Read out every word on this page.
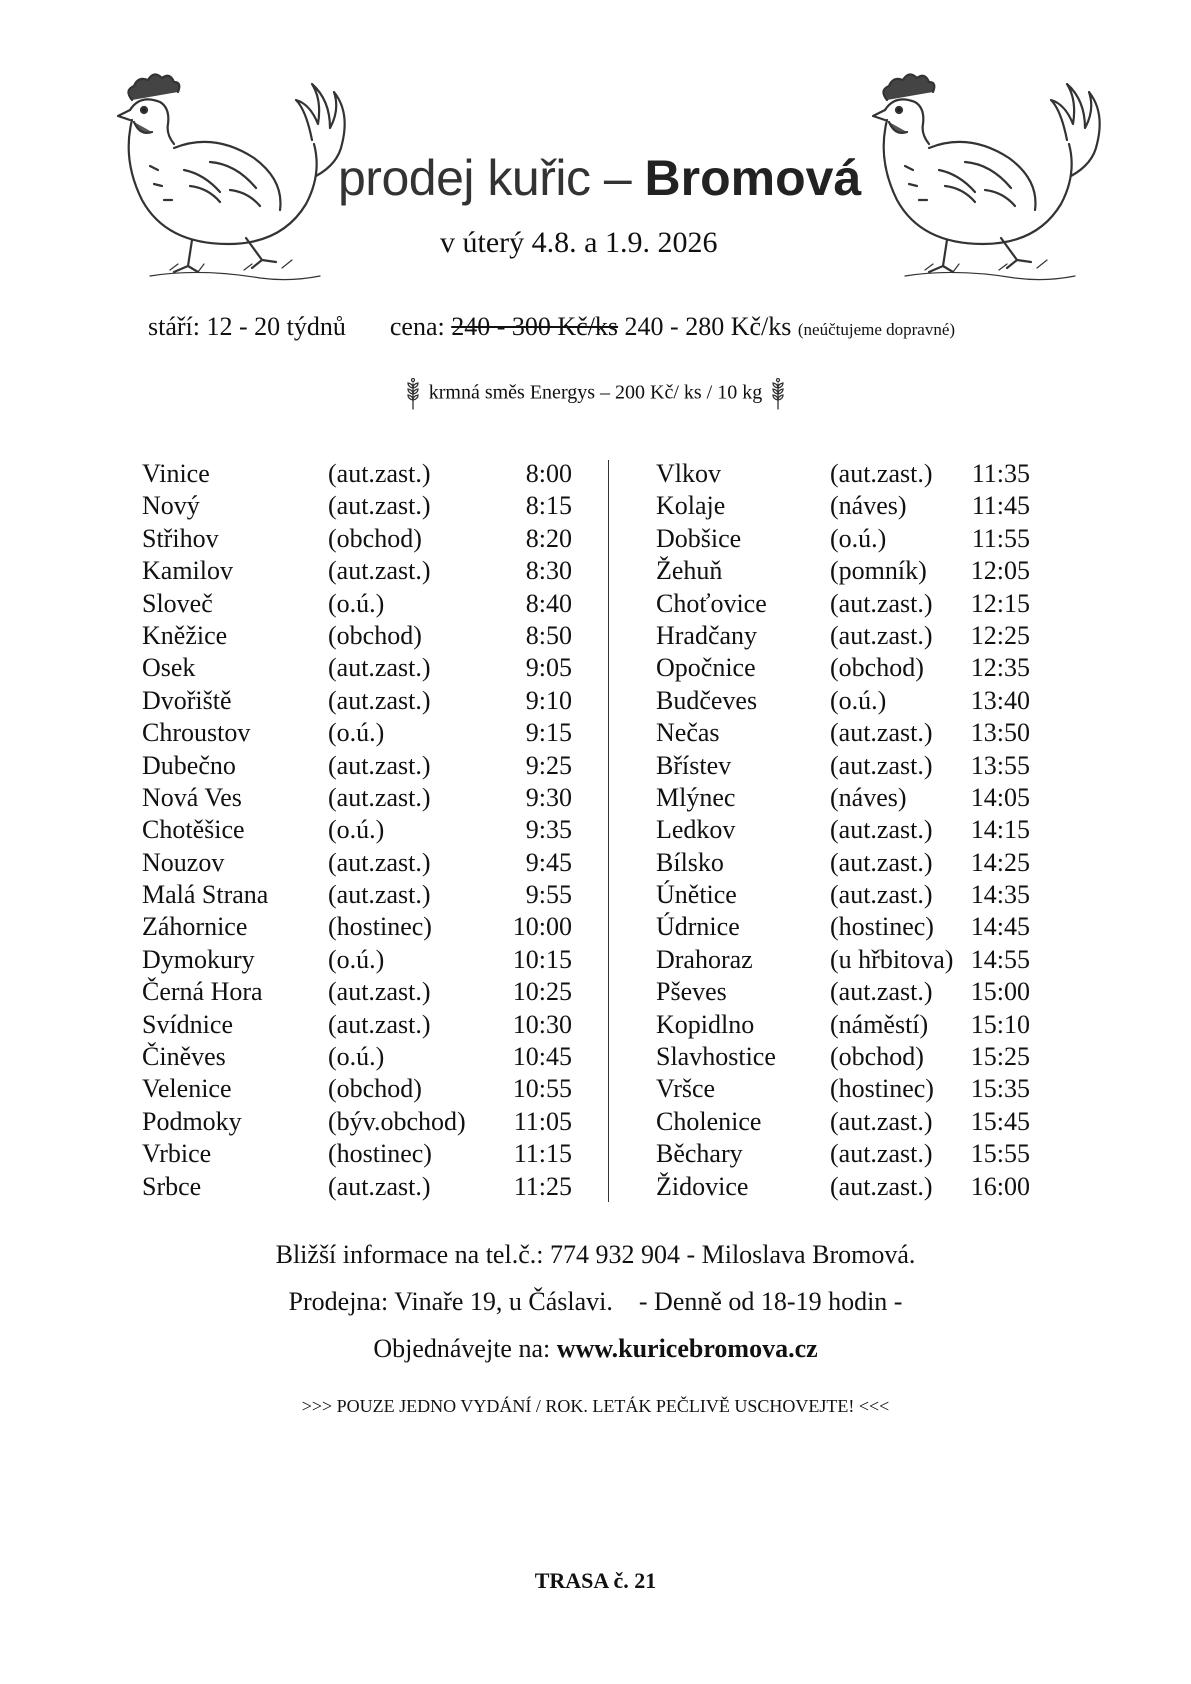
prodej kuřic – Bromová
v úterý 4.8. a 1.9. 2026
stáří: 12 - 20 týdnů cena: 240 - 300 Kč/ks 240 - 280 Kč/ks (neúčtujeme dopravné)
krmná směs Energys – 200 Kč/ ks / 10 kg
Vinice	(aut.zast.)	8:00
Nový	(aut.zast.)	8:15
Střihov	(obchod)	8:20
Kamilov	(aut.zast.)	8:30
Sloveč	(o.ú.)	8:40
Kněžice	(obchod)	8:50
Osek	(aut.zast.)	9:05
Dvořiště	(aut.zast.)	9:10
Chroustov	(o.ú.)	9:15
Dubečno	(aut.zast.)	9:25
Nová Ves	(aut.zast.)	9:30
Chotěšice	(o.ú.)	9:35
Nouzov	(aut.zast.)	9:45
Malá Strana (aut.zast.)	9:55
Záhornice	(hostinec)	10:00
Dymokury	(o.ú.)	10:15
Černá Hora	(aut.zast.)	10:25
Svídnice	(aut.zast.)	10:30
Činěves	(o.ú.)	10:45
Velenice	(obchod)	10:55
Podmoky	(býv.obchod)	11:05
Vrbice	(hostinec)	11:15
Srbce	(aut.zast.)	11:25
Vlkov	(aut.zast.)	11:35
Kolaje	(náves)	11:45
Dobšice	(o.ú.)	11:55
Žehuň	(pomník)	12:05
Choťovice (aut.zast.)	12:15
Hradčany	(aut.zast.)	12:25
Opočnice	(obchod)	12:35
Budčeves	(o.ú.)	13:40
Nečas	(aut.zast.)	13:50
Břístev	(aut.zast.)	13:55
Mlýnec	(náves)	14:05
Ledkov	(aut.zast.)	14:15
Bílsko	(aut.zast.)	14:25
Únětice	(aut.zast.)	14:35
Údrnice	(hostinec)	14:45
Drahoraz	(u hřbitova) 14:55
Pševes	(aut.zast.)	15:00
Kopidlno	(náměstí)	15:10
Slavhostice (obchod)	15:25
Vršce	(hostinec)	15:35
Cholenice	(aut.zast.)	15:45
Běchary	(aut.zast.)	15:55
Židovice	(aut.zast.)	16:00
Bližší informace na tel.č.: 774 932 904 - Miloslava Bromová.
Prodejna: Vinaře 19, u Čáslavi. - Denně od 18-19 hodin -
Objednávejte na: www.kuricebromova.cz
>>> POUZE JEDNO VYDÁNÍ / ROK. LETÁK PEČLIVĚ USCHOVEJTE! <<<
TRASA č. 21
